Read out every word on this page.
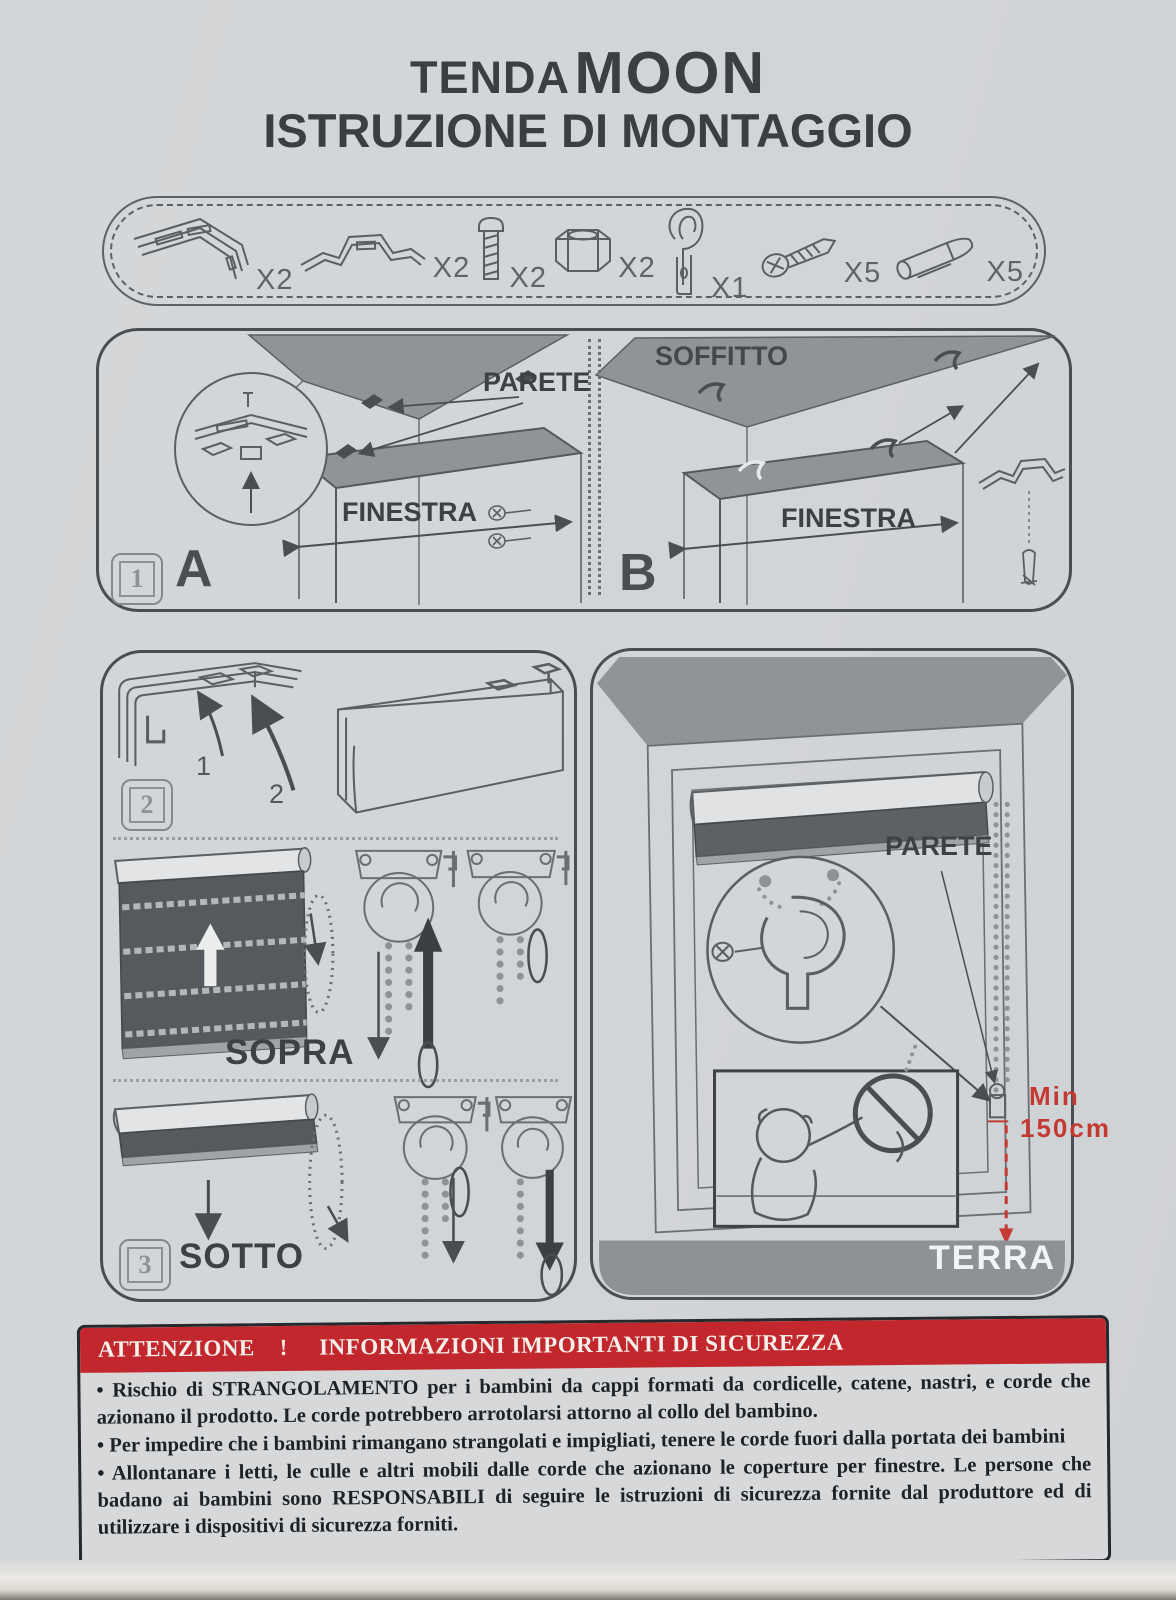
TENDA MOON
ISTRUZIONE DI MONTAGGIO
X2	X2 X2 X2
X1	X5	X5
PARETE
SOFFITTO
FINESTRA	FINESTRA
1 A	B
2
1
2
SOPRA
3 SOTTO
PARETE
Min
150cm
TERRA
ATTENZIONE    !     INFORMAZIONI IMPORTANTI DI SICUREZZA

• Rischio di STRANGOLAMENTO per i bambini da cappi formati da cordicelle, catene, nastri, e corde che azionano il prodotto. Le corde potrebbero arrotolarsi attorno al collo del bambino.

• Per impedire che i bambini rimangano strangolati e impigliati, tenere le corde fuori dalla portata dei bambini

• Allontanare i letti, le culle e altri mobili dalle corde che azionano le coperture per finestre. Le persone che badano ai bambini sono RESPONSABILI di seguire le istruzioni di sicurezza fornite dal produttore ed di utilizzare i dispositivi di sicurezza forniti.
